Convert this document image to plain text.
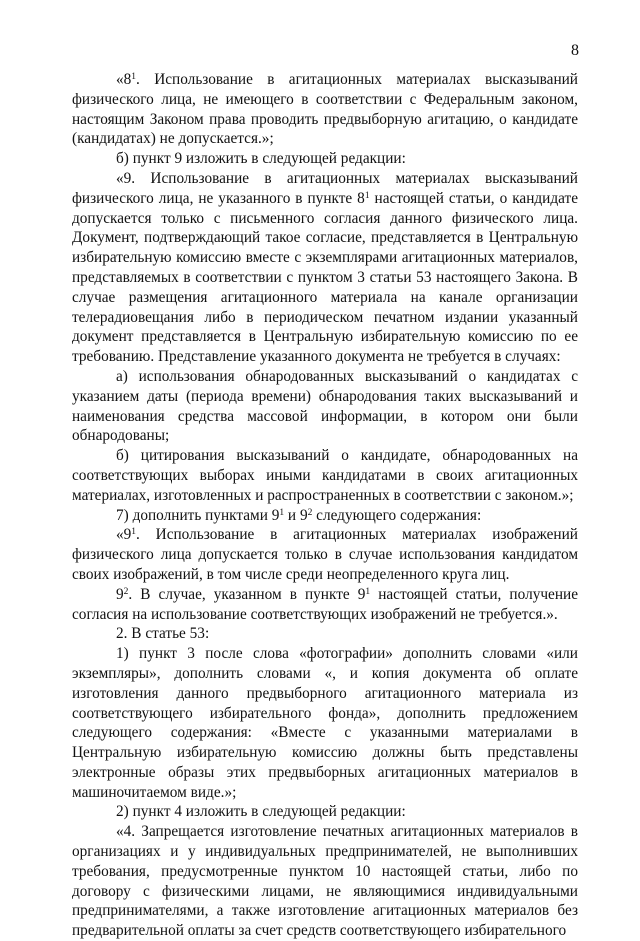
8

«$8^1$. Использование в агитационных материалах высказываний физического лица, не имеющего в соответствии с Федеральным законом, настоящим Законом права проводить предвыборную агитацию, о кандидате (кандидатах) не допускается.»;

б) пункт 9 изложить в следующей редакции:

«9. Использование в агитационных материалах высказываний физического лица, не указанного в пункте $8^1$ настоящей статьи, о кандидате допускается только с письменного согласия данного физического лица. Документ, подтверждающий такое согласие, представляется в Центральную избирательную комиссию вместе с экземплярами агитационных материалов, представляемых в соответствии с пунктом 3 статьи 53 настоящего Закона. В случае размещения агитационного материала на канале организации телерадиовещания либо в периодическом печатном издании указанный документ представляется в Центральную избирательную комиссию по ее требованию. Представление указанного документа не требуется в случаях:

а) использования обнародованных высказываний о кандидатах с указанием даты (периода времени) обнародования таких высказываний и наименования средства массовой информации, в котором они были обнародованы;

б) цитирования высказываний о кандидате, обнародованных на соответствующих выборах иными кандидатами в своих агитационных материалах, изготовленных и распространенных в соответствии с законом.»;

7) дополнить пунктами $9^1$ и $9^2$ следующего содержания:

«$9^1$. Использование в агитационных материалах изображений физического лица допускается только в случае использования кандидатом своих изображений, в том числе среди неопределенного круга лиц.

$9^2$. В случае, указанном в пункте $9^1$ настоящей статьи, получение согласия на использование соответствующих изображений не требуется.».

2. В статье 53:

1) пункт 3 после слова «фотографии» дополнить словами «или экземпляры», дополнить словами «, и копия документа об оплате изготовления данного предвыборного агитационного материала из соответствующего избирательного фонда», дополнить предложением следующего содержания: «Вместе с указанными материалами в Центральную избирательную комиссию должны быть представлены электронные образы этих предвыборных агитационных материалов в машиночитаемом виде.»;

2) пункт 4 изложить в следующей редакции:

«4. Запрещается изготовление печатных агитационных материалов в организациях и у индивидуальных предпринимателей, не выполнивших требования, предусмотренные пунктом 10 настоящей статьи, либо по договору с физическими лицами, не являющимися индивидуальными предпринимателями, а также изготовление агитационных материалов без предварительной оплаты за счет средств соответствующего избирательного
